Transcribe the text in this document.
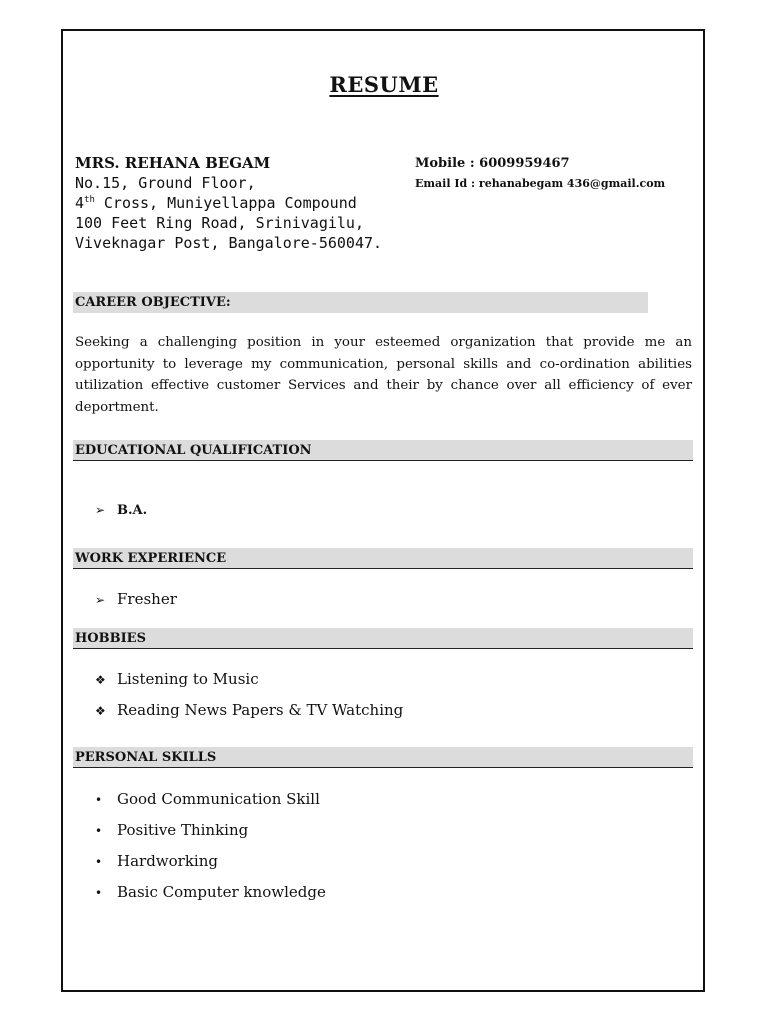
RESUME
MRS. REHANA BEGAM
No.15, Ground Floor,
4th Cross, Muniyellappa Compound
100 Feet Ring Road, Srinivagilu,
Viveknagar Post, Bangalore-560047.
Mobile : 6009959467
Email Id : rehanabegam 436@gmail.com
CAREER OBJECTIVE:
Seeking a challenging position in your esteemed organization that provide me an opportunity to leverage my communication, personal skills and co-ordination abilities utilization effective customer Services and their by chance over all efficiency of ever deportment.
EDUCATIONAL QUALIFICATION
➢ B.A.
WORK EXPERIENCE
➢ Fresher
HOBBIES
❖ Listening to Music
❖ Reading News Papers & TV Watching
PERSONAL SKILLS
• Good Communication Skill
• Positive Thinking
• Hardworking
• Basic Computer knowledge
